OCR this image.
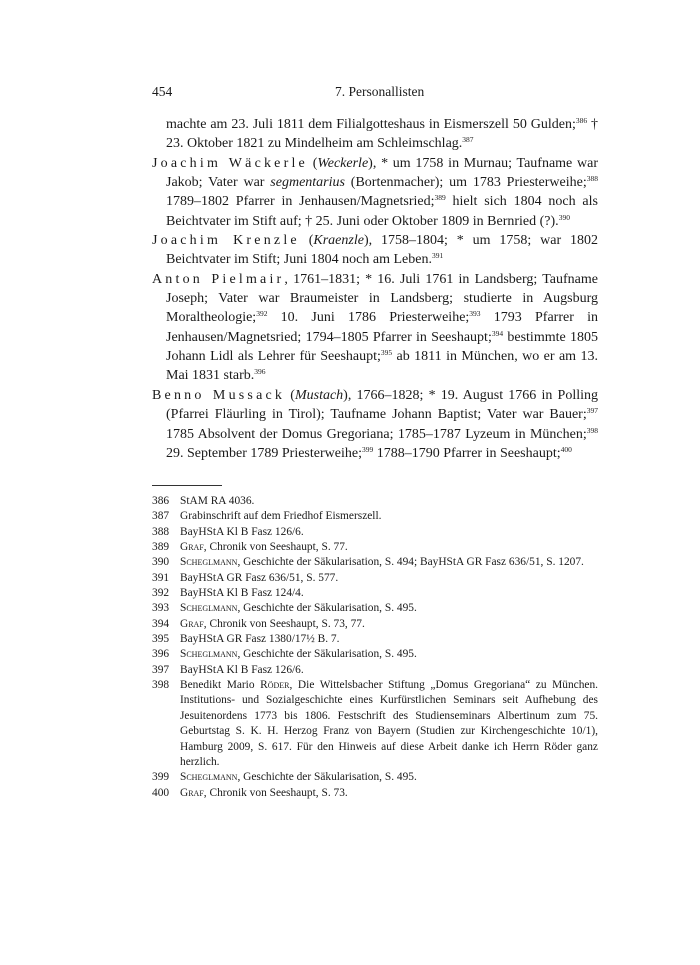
454	7. Personallisten

machte am 23. Juli 1811 dem Filialgotteshaus in Eismerszell 50 Gulden;$^{386}$ † 23. Oktober 1821 zu Mindelheim am Schleimschlag.$^{387}$

Joachim Wäckerle (Weckerle), * um 1758 in Murnau; Taufname war Jakob; Vater war segmentarius (Bortenmacher); um 1783 Priesterweihe;$^{388}$ 1789–1802 Pfarrer in Jenhausen/Magnetsried;$^{389}$ hielt sich 1804 noch als Beichtvater im Stift auf; † 25. Juni oder Oktober 1809 in Bernried (?).$^{390}$

Joachim Krenzle (Kraenzle), 1758–1804; * um 1758; war 1802 Beichtvater im Stift; Juni 1804 noch am Leben.$^{391}$

Anton Pielmair, 1761–1831; * 16. Juli 1761 in Landsberg; Taufname Joseph; Vater war Braumeister in Landsberg; studierte in Augsburg Moraltheologie;$^{392}$ 10. Juni 1786 Priesterweihe;$^{393}$ 1793 Pfarrer in Jenhausen/Magnetsried; 1794–1805 Pfarrer in Seeshaupt;$^{394}$ bestimmte 1805 Johann Lidl als Lehrer für Seeshaupt;$^{395}$ ab 1811 in München, wo er am 13. Mai 1831 starb.$^{396}$

Benno Mussack (Mustach), 1766–1828; * 19. August 1766 in Polling (Pfarrei Fläurling in Tirol); Taufname Johann Baptist; Vater war Bauer;$^{397}$ 1785 Absolvent der Domus Gregoriana; 1785–1787 Lyzeum in München;$^{398}$ 29. September 1789 Priesterweihe;$^{399}$ 1788–1790 Pfarrer in Seeshaupt;$^{400}$

386 StAM RA 4036.
387 Grabinschrift auf dem Friedhof Eismerszell.
388 BayHStA Kl B Fasz 126/6.
389 Graf, Chronik von Seeshaupt, S. 77.
390 Scheglmann, Geschichte der Säkularisation, S. 494; BayHStA GR Fasz 636/51, S. 1207.
391 BayHStA GR Fasz 636/51, S. 577.
392 BayHStA Kl B Fasz 124/4.
393 Scheglmann, Geschichte der Säkularisation, S. 495.
394 Graf, Chronik von Seeshaupt, S. 73, 77.
395 BayHStA GR Fasz 1380/17½ B. 7.
396 Scheglmann, Geschichte der Säkularisation, S. 495.
397 BayHStA Kl B Fasz 126/6.
398 Benedikt Mario Röder, Die Wittelsbacher Stiftung „Domus Gregoriana“ zu München. Institutions- und Sozialgeschichte eines Kurfürstlichen Seminars seit Aufhebung des Jesuitenordens 1773 bis 1806. Festschrift des Studienseminars Albertinum zum 75. Geburtstag S. K. H. Herzog Franz von Bayern (Studien zur Kirchengeschichte 10/1), Hamburg 2009, S. 617. Für den Hinweis auf diese Arbeit danke ich Herrn Röder ganz herzlich.
399 Scheglmann, Geschichte der Säkularisation, S. 495.
400 Graf, Chronik von Seeshaupt, S. 73.
